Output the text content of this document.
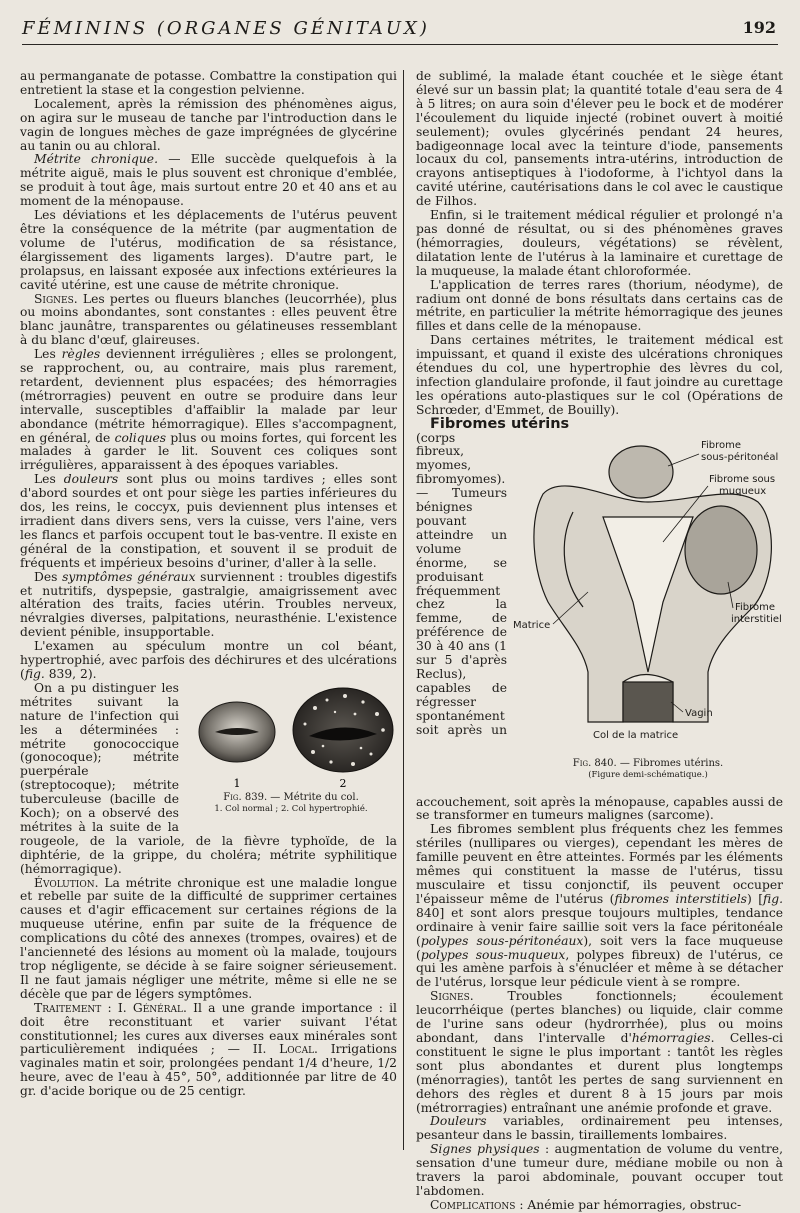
FÉMININS (ORGANES GÉNITAUX)	192

au permanganate de potasse. Combattre la constipation qui entretient la stase et la congestion pelvienne.

Localement, après la rémission des phénomènes aigus, on agira sur le museau de tanche par l'introduction dans le vagin de longues mèches de gaze imprégnées de glycérine au tanin ou au chloral.

Métrite chronique. — Elle succède quelquefois à la métrite aiguë, mais le plus souvent est chronique d'emblée, se produit à tout âge, mais surtout entre 20 et 40 ans et au moment de la ménopause.

Les déviations et les déplacements de l'utérus peuvent être la conséquence de la métrite (par augmentation de volume de l'utérus, modification de sa résistance, élargissement des ligaments larges). D'autre part, le prolapsus, en laissant exposée aux infections extérieures la cavité utérine, est une cause de métrite chronique.

Signes. Les pertes ou flueurs blanches (leucorrhée), plus ou moins abondantes, sont constantes : elles peuvent être blanc jaunâtre, transparentes ou gélatineuses ressemblant à du blanc d'œuf, glaireuses.

Les règles deviennent irrégulières ; elles se prolongent, se rapprochent, ou, au contraire, mais plus rarement, retardent, deviennent plus espacées; des hémorragies (métrorragies) peuvent en outre se produire dans leur intervalle, susceptibles d'affaiblir la malade par leur abondance (métrite hémorragique). Elles s'accompagnent, en général, de coliques plus ou moins fortes, qui forcent les malades à garder le lit. Souvent ces coliques sont irrégulières, apparaissent à des époques variables.

Les douleurs sont plus ou moins tardives ; elles sont d'abord sourdes et ont pour siège les parties inférieures du dos, les reins, le coccyx, puis deviennent plus intenses et irradient dans divers sens, vers la cuisse, vers l'aine, vers les flancs et parfois occupent tout le bas-ventre. Il existe en général de la constipation, et souvent il se produit de fréquents et impérieux besoins d'uriner, d'aller à la selle.

Des symptômes généraux surviennent : troubles digestifs et nutritifs, dyspepsie, gastralgie, amaigrissement avec altération des traits, facies utérin. Troubles nerveux, névralgies diverses, palpitations, neurasthénie. L'existence devient pénible, insupportable.

L'examen au spéculum montre un col béant, hypertrophié, avec parfois des déchirures et des ulcérations (fig. 839, 2).

1	2
Fig. 839. — Métrite du col.
1. Col normal ; 2. Col hypertrophié.

On a pu distinguer les métrites suivant la nature de l'infection qui les a déterminées : métrite gonococcique (gonocoque); métrite puerpérale (streptocoque); métrite tuberculeuse (bacille de Koch); on a observé des métrites à la suite de la rougeole, de la variole, de la fièvre typhoïde, de la diphtérie, de la grippe, du choléra; métrite syphilitique (hémorragique).

Évolution. La métrite chronique est une maladie longue et rebelle par suite de la difficulté de supprimer certaines causes et d'agir efficacement sur certaines régions de la muqueuse utérine, enfin par suite de la fréquence de complications du côté des annexes (trompes, ovaires) et de l'ancienneté des lésions au moment où la malade, toujours trop négligente, se décide à se faire soigner sérieusement. Il ne faut jamais négliger une métrite, même si elle ne se décèle que par de légers symptômes.

Traitement : I. Général. Il a une grande importance : il doit être reconstituant et varier suivant l'état constitutionnel; les cures aux diverses eaux minérales sont particulièrement indiquées ; — II. Local. Irrigations vaginales matin et soir, prolongées pendant 1/4 d'heure, 1/2 heure, avec de l'eau à 45°, 50°, additionnée par litre de 40 gr. d'acide borique ou de 25 centigr.

de sublimé, la malade étant couchée et le siège étant élevé sur un bassin plat; la quantité totale d'eau sera de 4 à 5 litres; on aura soin d'élever peu le bock et de modérer l'écoulement du liquide injecté (robinet ouvert à moitié seulement); ovules glycérinés pendant 24 heures, badigeonnage local avec la teinture d'iode, pansements locaux du col, pansements intra-utérins, introduction de crayons antiseptiques à l'iodoforme, à l'ichtyol dans la cavité utérine, cautérisations dans le col avec le caustique de Filhos.

Enfin, si le traitement médical régulier et prolongé n'a pas donné de résultat, ou si des phénomènes graves (hémorragies, douleurs, végétations) se révèlent, dilatation lente de l'utérus à la laminaire et curettage de la muqueuse, la malade étant chloroformée.

L'application de terres rares (thorium, néodyme), de radium ont donné de bons résultats dans certains cas de métrite, en particulier la métrite hémorragique des jeunes filles et dans celle de la ménopause.

Dans certaines métrites, le traitement médical est impuissant, et quand il existe des ulcérations chroniques étendues du col, une hypertrophie des lèvres du col, infection glandulaire profonde, il faut joindre au curettage les opérations auto-plastiques sur le col (Opérations de Schrœder, d'Emmet, de Bouilly).

Fibromes utérins

Fibrome
sous-péritonéal
Fibrome sous
muqueux
Fibrome
interstitiel
Matrice
Vagin
Col de la matrice
Fig. 840. — Fibromes utérins.
(Figure demi-schématique.)

(corps fibreux, myomes, fibromyomes). — Tumeurs bénignes pouvant atteindre un volume énorme, se produisant fréquemment chez la femme, de préférence de 30 à 40 ans (1 sur 5 d'après Reclus), capables de régresser spontanément soit après un accouchement, soit après la ménopause, capables aussi de se transformer en tumeurs malignes (sarcome).

Les fibromes semblent plus fréquents chez les femmes stériles (nullipares ou vierges), cependant les mères de famille peuvent en être atteintes. Formés par les éléments mêmes qui constituent la masse de l'utérus, tissu musculaire et tissu conjonctif, ils peuvent occuper l'épaisseur même de l'utérus (fibromes interstitiels) [fig. 840] et sont alors presque toujours multiples, tendance ordinaire à venir faire saillie soit vers la face péritonéale (polypes sous-péritonéaux), soit vers la face muqueuse (polypes sous-muqueux, polypes fibreux) de l'utérus, ce qui les amène parfois à s'énucléer et même à se détacher de l'utérus, lorsque leur pédicule vient à se rompre.

Signes. Troubles fonctionnels; écoulement leucorrhéique (pertes blanches) ou liquide, clair comme de l'urine sans odeur (hydrorrhée), plus ou moins abondant, dans l'intervalle d'hémorragies. Celles-ci constituent le signe le plus important : tantôt les règles sont plus abondantes et durent plus longtemps (ménorragies), tantôt les pertes de sang surviennent en dehors des règles et durent 8 à 15 jours par mois (métrorragies) entraînant une anémie profonde et grave.

Douleurs variables, ordinairement peu intenses, pesanteur dans le bassin, tiraillements lombaires.

Signes physiques : augmentation de volume du ventre, sensation d'une tumeur dure, médiane mobile ou non à travers la paroi abdominale, pouvant occuper tout l'abdomen.

Complications : Anémie par hémorragies, obstruc-
